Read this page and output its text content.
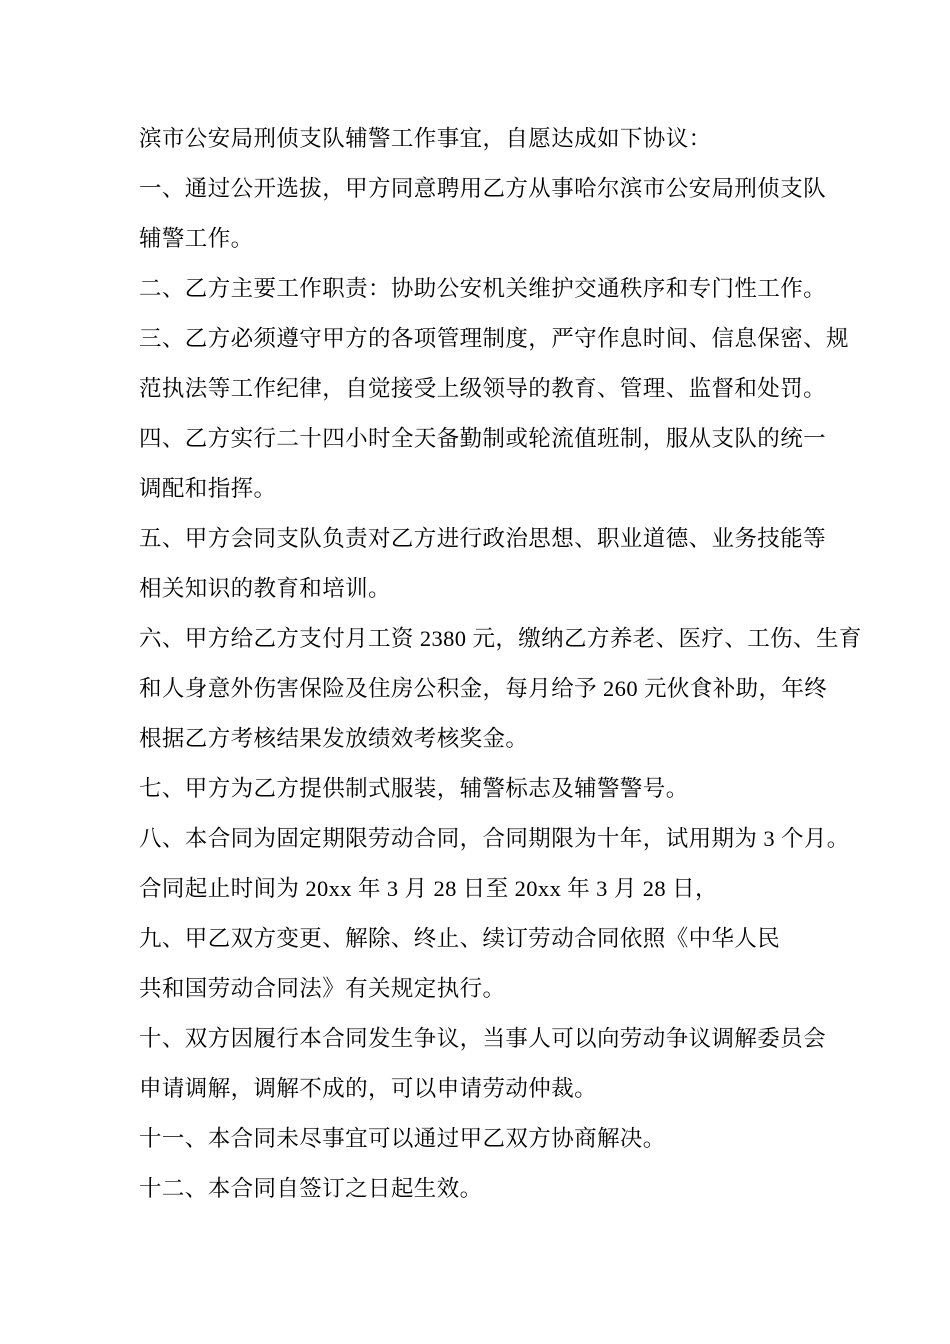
滨市公安局刑侦支队辅警工作事宜，自愿达成如下协议：
一、通过公开选拔，甲方同意聘用乙方从事哈尔滨市公安局刑侦支队
辅警工作。
二、乙方主要工作职责：协助公安机关维护交通秩序和专门性工作。
三、乙方必须遵守甲方的各项管理制度，严守作息时间、信息保密、规
范执法等工作纪律，自觉接受上级领导的教育、管理、监督和处罚。
四、乙方实行二十四小时全天备勤制或轮流值班制，服从支队的统一
调配和指挥。
五、甲方会同支队负责对乙方进行政治思想、职业道德、业务技能等
相关知识的教育和培训。
六、甲方给乙方支付月工资 2380 元，缴纳乙方养老、医疗、工伤、生育
和人身意外伤害保险及住房公积金，每月给予 260 元伙食补助，年终
根据乙方考核结果发放绩效考核奖金。
七、甲方为乙方提供制式服装，辅警标志及辅警警号。
八、本合同为固定期限劳动合同，合同期限为十年，试用期为 3 个月。
合同起止时间为 20xx 年 3 月 28 日至 20xx 年 3 月 28 日，
九、甲乙双方变更、解除、终止、续订劳动合同依照《中华人民
共和国劳动合同法》有关规定执行。
十、双方因履行本合同发生争议，当事人可以向劳动争议调解委员会
申请调解，调解不成的，可以申请劳动仲裁。
十一、本合同未尽事宜可以通过甲乙双方协商解决。
十二、本合同自签订之日起生效。
